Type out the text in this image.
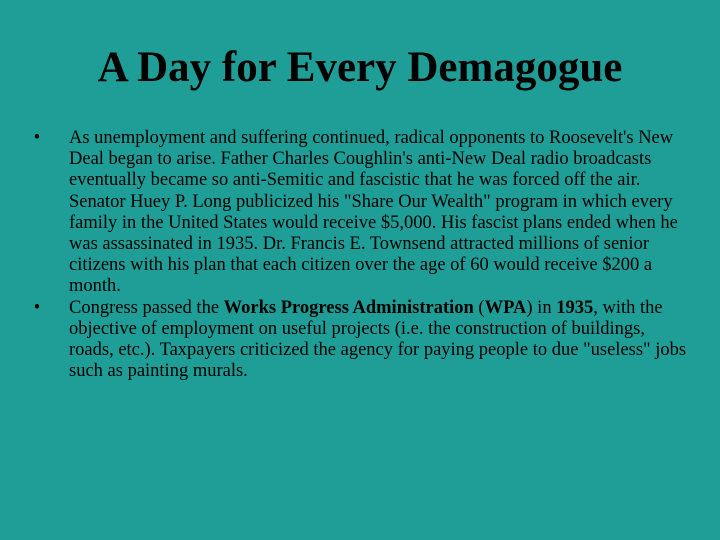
A Day for Every Demagogue
• As unemployment and suffering continued, radical opponents to Roosevelt's New Deal began to arise. Father Charles Coughlin's anti-New Deal radio broadcasts eventually became so anti-Semitic and fascistic that he was forced off the air. Senator Huey P. Long publicized his "Share Our Wealth" program in which every family in the United States would receive $5,000. His fascist plans ended when he was assassinated in 1935. Dr. Francis E. Townsend attracted millions of senior citizens with his plan that each citizen over the age of 60 would receive $200 a month.
• Congress passed the Works Progress Administration (WPA) in 1935, with the objective of employment on useful projects (i.e. the construction of buildings, roads, etc.). Taxpayers criticized the agency for paying people to due "useless" jobs such as painting murals.
